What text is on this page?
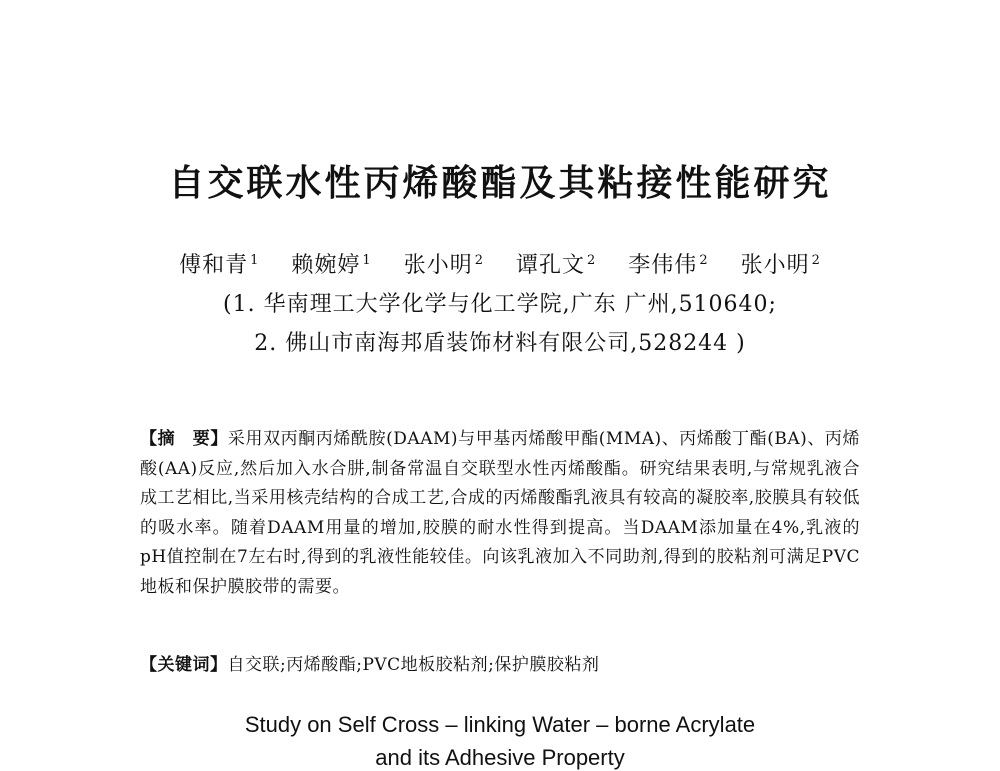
自交联水性丙烯酸酯及其粘接性能研究
傅和青 $^1$ 赖婉婷 $^1$ 张小明 $^2$ 谭孔文 $^2$ 李伟伟 $^2$ 张小明 $^2$
(1. 华南理工大学化学与化工学院,广东 广州,510640;
2. 佛山市南海邦盾装饰材料有限公司,528244 )
【摘　要】采用双丙酮丙烯酰胺(DAAM)与甲基丙烯酸甲酯(MMA)、丙烯酸丁酯(BA)、丙烯酸(AA)反应,然后加入水合肼,制备常温自交联型水性丙烯酸酯。研究结果表明,与常规乳液合成工艺相比,当采用核壳结构的合成工艺,合成的丙烯酸酯乳液具有较高的凝胶率,胶膜具有较低的吸水率。随着DAAM用量的增加,胶膜的耐水性得到提高。当DAAM添加量在4%,乳液的pH值控制在7左右时,得到的乳液性能较佳。向该乳液加入不同助剂,得到的胶粘剂可满足PVC地板和保护膜胶带的需要。
【关键词】自交联;丙烯酸酯;PVC地板胶粘剂;保护膜胶粘剂
Study on Self Cross – linking Water – borne Acrylate
and its Adhesive Property
